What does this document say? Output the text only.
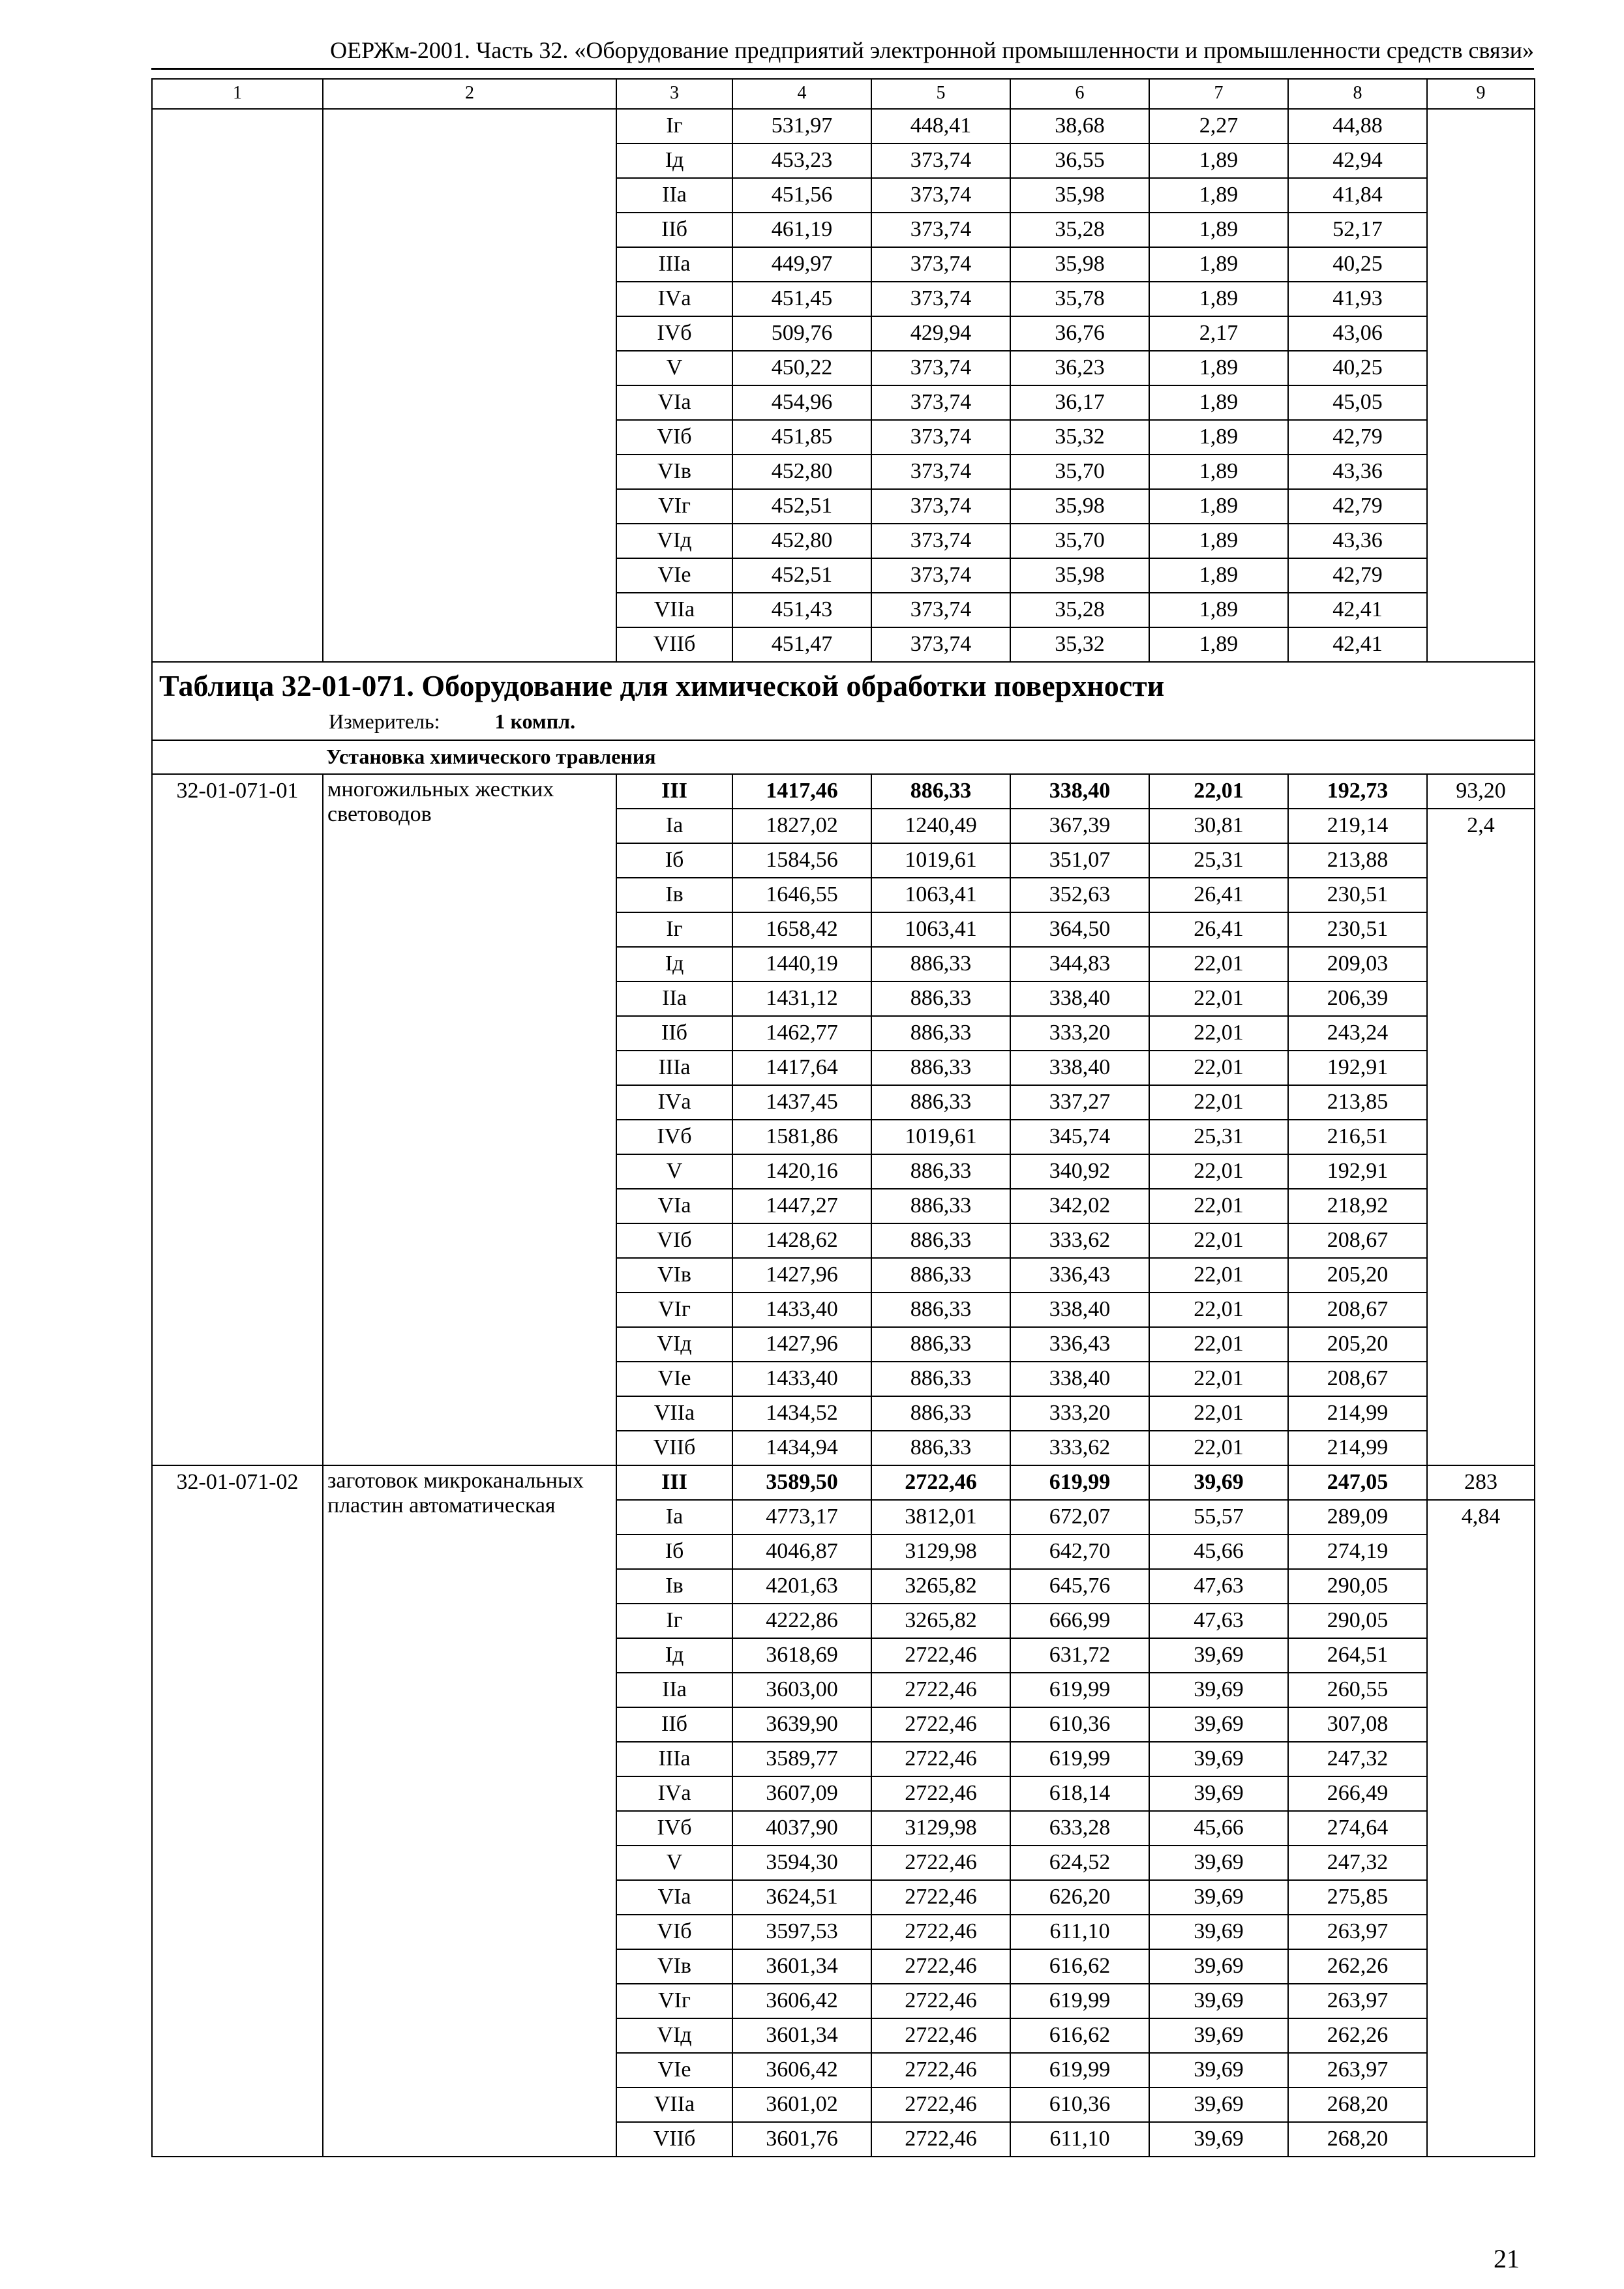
ОЕРЖм-2001. Часть 32. «Оборудование предприятий электронной промышленности и промышленности средств связи»
1	2	3	4	5	6	7	8	9
		Iг	531,97	448,41	38,68	2,27	44,88	
		Iд	453,23	373,74	36,55	1,89	42,94	
		IIа	451,56	373,74	35,98	1,89	41,84	
		IIб	461,19	373,74	35,28	1,89	52,17	
		IIIа	449,97	373,74	35,98	1,89	40,25	
		IVа	451,45	373,74	35,78	1,89	41,93	
		IVб	509,76	429,94	36,76	2,17	43,06	
		V	450,22	373,74	36,23	1,89	40,25	
		VIа	454,96	373,74	36,17	1,89	45,05	
		VIб	451,85	373,74	35,32	1,89	42,79	
		VIв	452,80	373,74	35,70	1,89	43,36	
		VIг	452,51	373,74	35,98	1,89	42,79	
		VIд	452,80	373,74	35,70	1,89	43,36	
		VIе	452,51	373,74	35,98	1,89	42,79	
		VIIа	451,43	373,74	35,28	1,89	42,41	
		VIIб	451,47	373,74	35,32	1,89	42,41	

Таблица 32-01-071. Оборудование для химической обработки поверхности
Измеритель: 1 компл.								

Установка химического травления								
32-01-071-01	многожильных жестких световодов	III	1417,46	886,33	338,40	22,01	192,73	93,20
		Iа	1827,02	1240,49	367,39	30,81	219,14	2,4
		Iб	1584,56	1019,61	351,07	25,31	213,88	
		Iв	1646,55	1063,41	352,63	26,41	230,51	
		Iг	1658,42	1063,41	364,50	26,41	230,51	
		Iд	1440,19	886,33	344,83	22,01	209,03	
		IIа	1431,12	886,33	338,40	22,01	206,39	
		IIб	1462,77	886,33	333,20	22,01	243,24	
		IIIа	1417,64	886,33	338,40	22,01	192,91	
		IVа	1437,45	886,33	337,27	22,01	213,85	
		IVб	1581,86	1019,61	345,74	25,31	216,51	
		V	1420,16	886,33	340,92	22,01	192,91	
		VIа	1447,27	886,33	342,02	22,01	218,92	
		VIб	1428,62	886,33	333,62	22,01	208,67	
		VIв	1427,96	886,33	336,43	22,01	205,20	
		VIг	1433,40	886,33	338,40	22,01	208,67	
		VIд	1427,96	886,33	336,43	22,01	205,20	
		VIе	1433,40	886,33	338,40	22,01	208,67	
		VIIа	1434,52	886,33	333,20	22,01	214,99	
		VIIб	1434,94	886,33	333,62	22,01	214,99	
32-01-071-02	заготовок микроканальных пластин автоматическая	III	3589,50	2722,46	619,99	39,69	247,05	283
		Iа	4773,17	3812,01	672,07	55,57	289,09	4,84
		Iб	4046,87	3129,98	642,70	45,66	274,19	
		Iв	4201,63	3265,82	645,76	47,63	290,05	
		Iг	4222,86	3265,82	666,99	47,63	290,05	
		Iд	3618,69	2722,46	631,72	39,69	264,51	
		IIа	3603,00	2722,46	619,99	39,69	260,55	
		IIб	3639,90	2722,46	610,36	39,69	307,08	
		IIIа	3589,77	2722,46	619,99	39,69	247,32	
		IVа	3607,09	2722,46	618,14	39,69	266,49	
		IVб	4037,90	3129,98	633,28	45,66	274,64	
		V	3594,30	2722,46	624,52	39,69	247,32	
		VIа	3624,51	2722,46	626,20	39,69	275,85	
		VIб	3597,53	2722,46	611,10	39,69	263,97	
		VIв	3601,34	2722,46	616,62	39,69	262,26	
		VIг	3606,42	2722,46	619,99	39,69	263,97	
		VIд	3601,34	2722,46	616,62	39,69	262,26	
		VIе	3606,42	2722,46	619,99	39,69	263,97	
		VIIа	3601,02	2722,46	610,36	39,69	268,20	
		VIIб	3601,76	2722,46	611,10	39,69	268,20	
21
